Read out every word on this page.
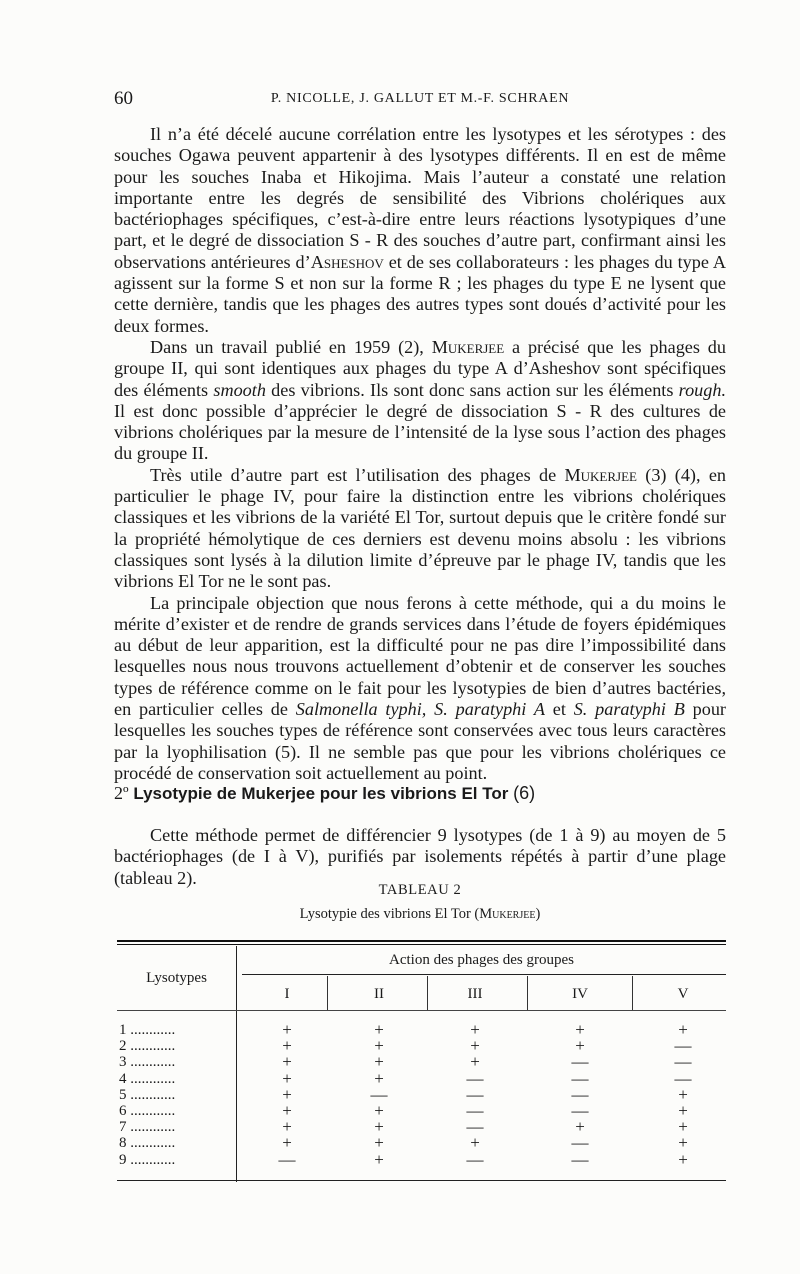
60	P. NICOLLE, J. GALLUT ET M.-F. SCHRAEN

Il n’a été décelé aucune corrélation entre les lysotypes et les sérotypes : des souches Ogawa peuvent appartenir à des lysotypes différents. Il en est de même pour les souches Inaba et Hikojima. Mais l’auteur a constaté une relation importante entre les degrés de sensibilité des Vibrions cholériques aux bactériophages spécifiques, c’est-à-dire entre leurs réactions lysotypiques d’une part, et le degré de dissociation S - R des souches d’autre part, confirmant ainsi les observations antérieures d’Asheshov et de ses collaborateurs : les phages du type A agissent sur la forme S et non sur la forme R ; les phages du type E ne lysent que cette dernière, tandis que les phages des autres types sont doués d’activité pour les deux formes.

Dans un travail publié en 1959 (2), Mukerjee a précisé que les phages du groupe II, qui sont identiques aux phages du type A d’Asheshov sont spécifiques des éléments smooth des vibrions. Ils sont donc sans action sur les éléments rough. Il est donc possible d’apprécier le degré de dissociation S - R des cultures de vibrions cholériques par la mesure de l’intensité de la lyse sous l’action des phages du groupe II.

Très utile d’autre part est l’utilisation des phages de Mukerjee (3) (4), en particulier le phage IV, pour faire la distinction entre les vibrions cholériques classiques et les vibrions de la variété El Tor, surtout depuis que le critère fondé sur la propriété hémolytique de ces derniers est devenu moins absolu : les vibrions classiques sont lysés à la dilution limite d’épreuve par le phage IV, tandis que les vibrions El Tor ne le sont pas.

La principale objection que nous ferons à cette méthode, qui a du moins le mérite d’exister et de rendre de grands services dans l’étude de foyers épidémiques au début de leur apparition, est la difficulté pour ne pas dire l’impossibilité dans lesquelles nous nous trouvons actuellement d’obtenir et de conserver les souches types de référence comme on le fait pour les lysotypies de bien d’autres bactéries, en particulier celles de Salmonella typhi, S. paratyphi A et S. paratyphi B pour lesquelles les souches types de référence sont conservées avec tous leurs caractères par la lyophilisation (5). Il ne semble pas que pour les vibrions cholériques ce procédé de conservation soit actuellement au point.

2º Lysotypie de Mukerjee pour les vibrions El Tor (6)

Cette méthode permet de différencier 9 lysotypes (de 1 à 9) au moyen de 5 bactériophages (de I à V), purifiés par isolements répétés à partir d’une plage (tableau 2).

TABLEAU 2
Lysotypie des vibrions El Tor (Mukerjee)
Lysotypes
Action des phages des groupes
I	II	III	IV	V
1 ............	+	+	+	+	+
2 ............	+	+	+	+	—
3 ............	+	+	+	—	—
4 ............	+	+	—	—	—
5 ............	+	—	—	—	+
6 ............	+	+	—	—	+
7 ............	+	+	—	+	+
8 ............	+	+	+	—	+
9 ............	—	+	—	—	+
